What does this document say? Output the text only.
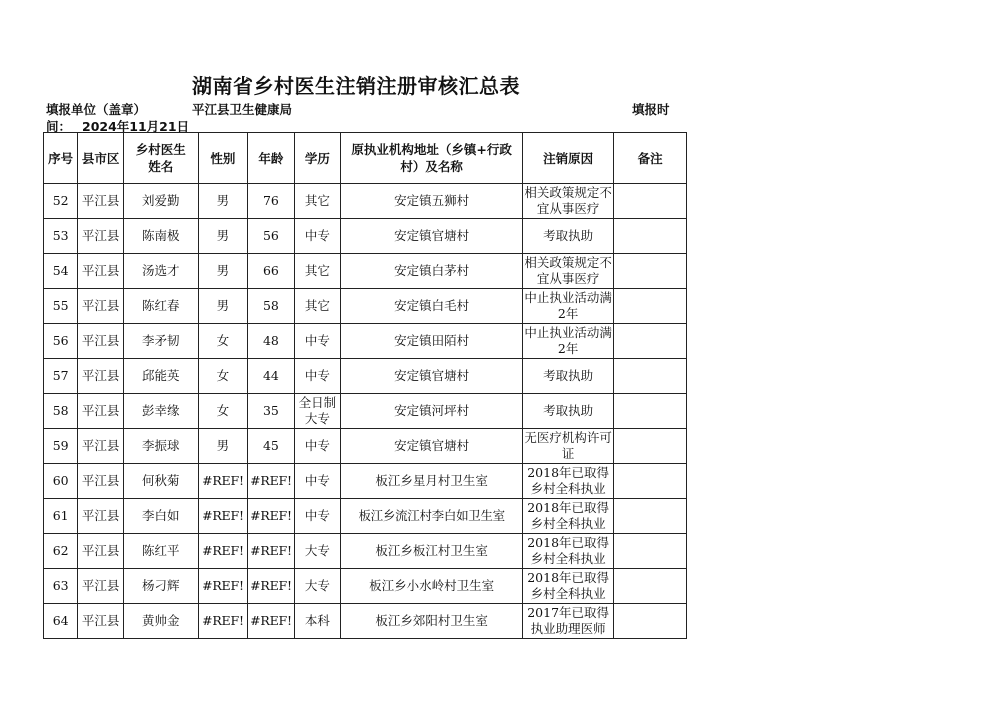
湖南省乡村医生注销注册审核汇总表
填报单位（盖章）	平江县卫生健康局	填报时
间： 2024年11月21日
序号	县市区	乡村医生姓名	性别	年龄	学历	原执业机构地址（乡镇+行政村）及名称	注销原因	备注
52	平江县	刘爱勤	男	76	其它	安定镇五狮村	相关政策规定不宜从事医疗	
53	平江县	陈南极	男	56	中专	安定镇官塘村	考取执助	
54	平江县	汤选才	男	66	其它	安定镇白茅村	相关政策规定不宜从事医疗	
55	平江县	陈红春	男	58	其它	安定镇白毛村	中止执业活动满2年	
56	平江县	李矛韧	女	48	中专	安定镇田陌村	中止执业活动满2年	
57	平江县	邱能英	女	44	中专	安定镇官塘村	考取执助	
58	平江县	彭幸缘	女	35	全日制大专	安定镇河坪村	考取执助	
59	平江县	李振球	男	45	中专	安定镇官塘村	无医疗机构许可证	
60	平江县	何秋菊	#REF!	#REF!	中专	板江乡星月村卫生室	2018年已取得乡村全科执业	
61	平江县	李白如	#REF!	#REF!	中专	板江乡流江村李白如卫生室	2018年已取得乡村全科执业	
62	平江县	陈红平	#REF!	#REF!	大专	板江乡板江村卫生室	2018年已取得乡村全科执业	
63	平江县	杨刁辉	#REF!	#REF!	大专	板江乡小水岭村卫生室	2018年已取得乡村全科执业	
64	平江县	黄帅金	#REF!	#REF!	本科	板江乡郊阳村卫生室	2017年已取得执业助理医师	
